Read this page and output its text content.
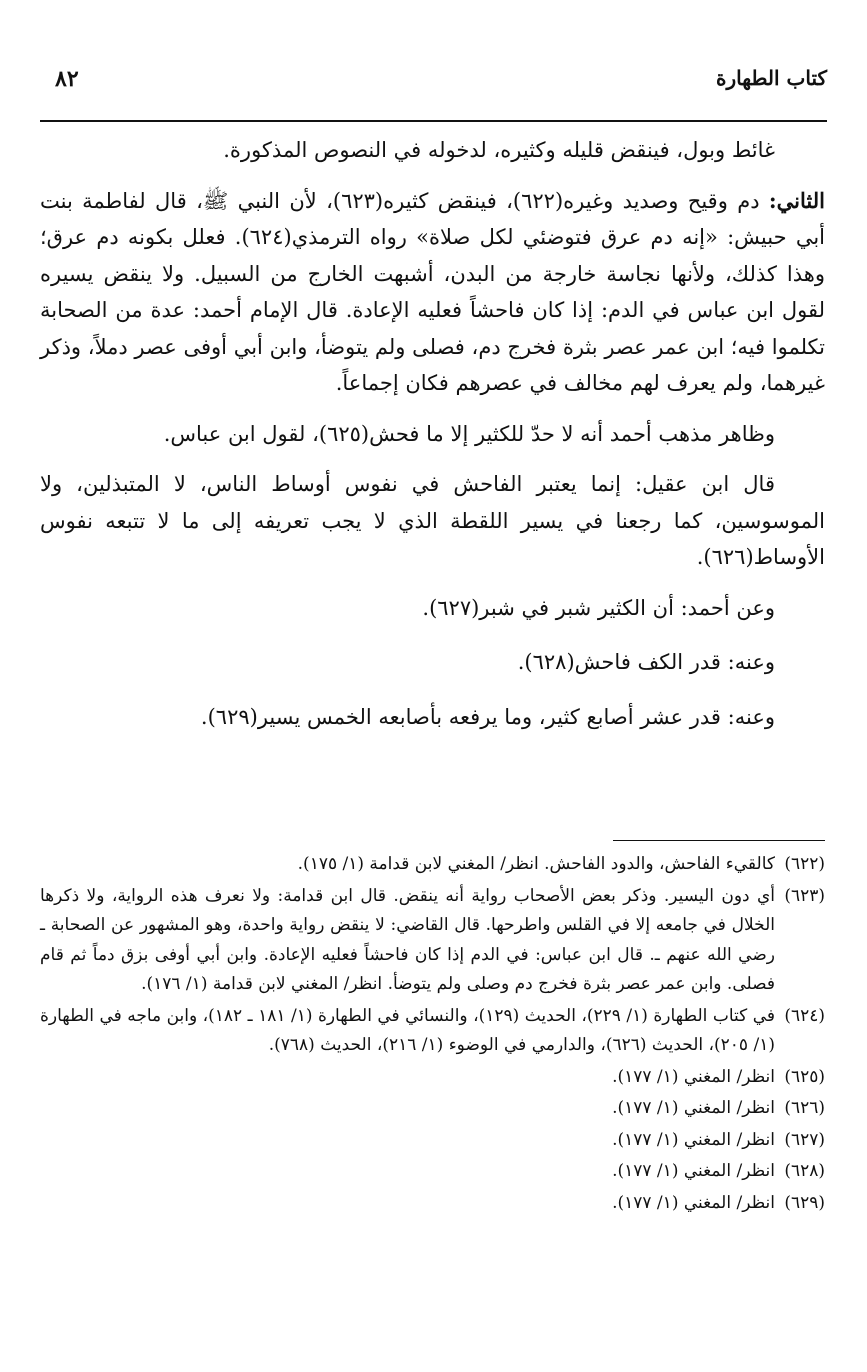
كتاب الطهارة
٨٢

غائط وبول، فينقض قليله وكثيره، لدخوله في النصوص المذكورة.

الثاني: دم وقيح وصديد وغيره(٦٢٢)، فينقض كثيره(٦٢٣)، لأن النبي ﷺ، قال لفاطمة بنت أبي حبيش: «إنه دم عرق فتوضئي لكل صلاة» رواه الترمذي(٦٢٤). فعلل بكونه دم عرق؛ وهذا كذلك، ولأنها نجاسة خارجة من البدن، أشبهت الخارج من السبيل. ولا ينقض يسيره لقول ابن عباس في الدم: إذا كان فاحشاً فعليه الإعادة. قال الإمام أحمد: عدة من الصحابة تكلموا فيه؛ ابن عمر عصر بثرة فخرج دم، فصلى ولم يتوضأ، وابن أبي أوفى عصر دملاً، وذكر غيرهما، ولم يعرف لهم مخالف في عصرهم فكان إجماعاً.

وظاهر مذهب أحمد أنه لا حدّ للكثير إلا ما فحش(٦٢٥)، لقول ابن عباس.

قال ابن عقيل: إنما يعتبر الفاحش في نفوس أوساط الناس، لا المتبذلين، ولا الموسوسين، كما رجعنا في يسير اللقطة الذي لا يجب تعريفه إلى ما لا تتبعه نفوس الأوساط(٦٢٦).

وعن أحمد: أن الكثير شبر في شبر(٦٢٧).

وعنه: قدر الكف فاحش(٦٢٨).

وعنه: قدر عشر أصابع كثير، وما يرفعه بأصابعه الخمس يسير(٦٢٩).

(٦٢٢)
كالقيء الفاحش، والدود الفاحش. انظر/ المغني لابن قدامة (١/ ١٧٥).
(٦٢٣)
أي دون اليسير. وذكر بعض الأصحاب رواية أنه ينقض. قال ابن قدامة: ولا نعرف هذه الرواية، ولا ذكرها الخلال في جامعه إلا في القلس واطرحها. قال القاضي: لا ينقض رواية واحدة، وهو المشهور عن الصحابة ـ رضي الله عنهم ـ. قال ابن عباس: في الدم إذا كان فاحشاً فعليه الإعادة. وابن أبي أوفى بزق دماً ثم قام فصلى. وابن عمر عصر بثرة فخرج دم وصلى ولم يتوضأ. انظر/ المغني لابن قدامة (١/ ١٧٦).
(٦٢٤)
في كتاب الطهارة (١/ ٢٢٩)، الحديث (١٢٩)، والنسائي في الطهارة (١/ ١٨١ ـ ١٨٢)، وابن ماجه في الطهارة (١/ ٢٠٥)، الحديث (٦٢٦)، والدارمي في الوضوء (١/ ٢١٦)، الحديث (٧٦٨).
(٦٢٥)
انظر/ المغني (١/ ١٧٧).
(٦٢٦)
انظر/ المغني (١/ ١٧٧).
(٦٢٧)
انظر/ المغني (١/ ١٧٧).
(٦٢٨)
انظر/ المغني (١/ ١٧٧).
(٦٢٩)
انظر/ المغني (١/ ١٧٧).
